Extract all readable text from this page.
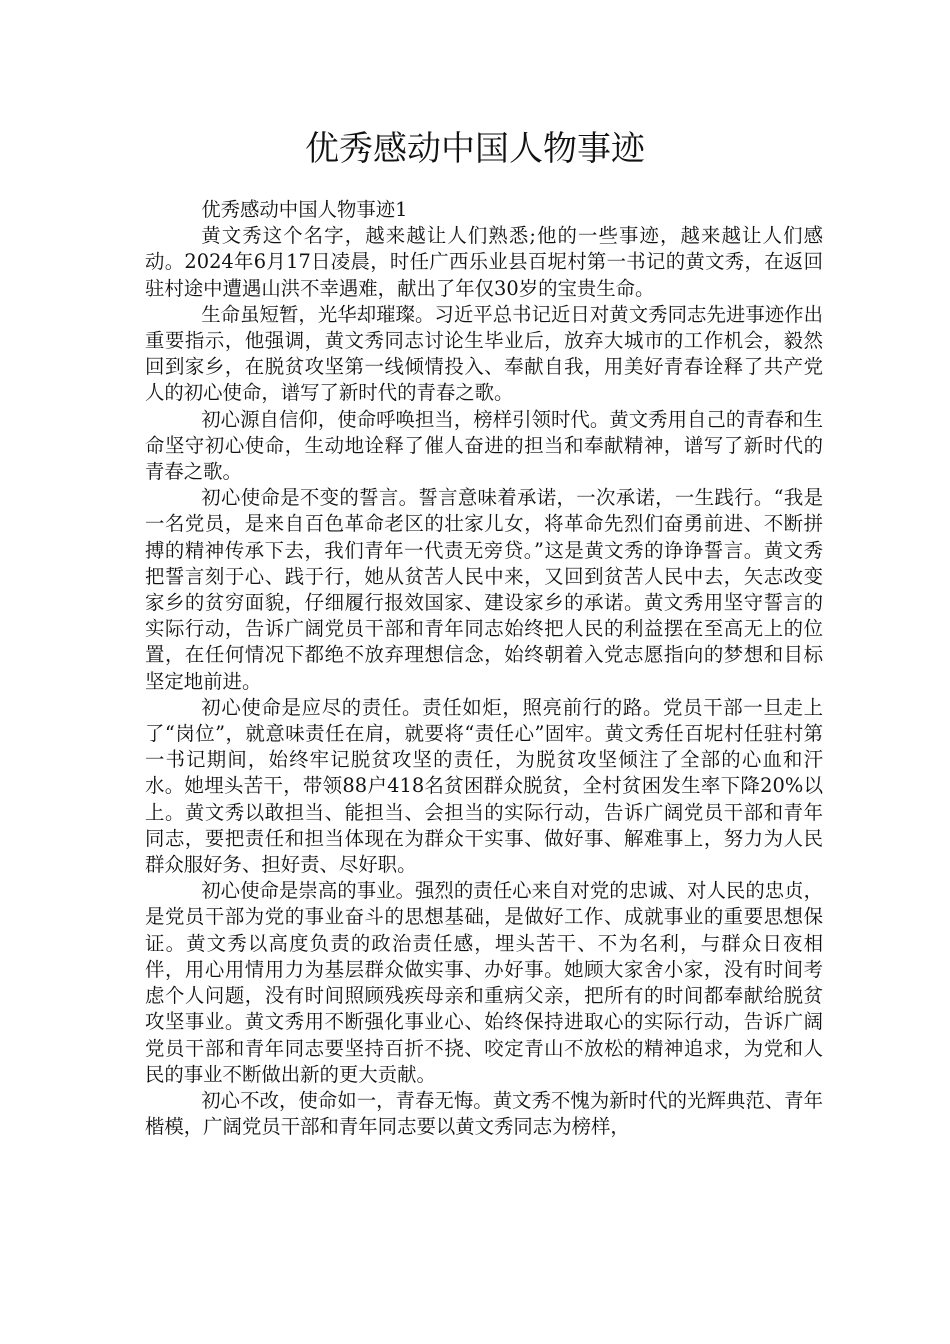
优秀感动中国人物事迹

优秀感动中国人物事迹1

黄文秀这个名字，越来越让人们熟悉;他的一些事迹，越来越让人们感动。2024年6月17日凌晨，时任广西乐业县百坭村第一书记的黄文秀，在返回驻村途中遭遇山洪不幸遇难，献出了年仅30岁的宝贵生命。

生命虽短暂，光华却璀璨。习近平总书记近日对黄文秀同志先进事迹作出重要指示，他强调，黄文秀同志讨论生毕业后，放弃大城市的工作机会，毅然回到家乡，在脱贫攻坚第一线倾情投入、奉献自我，用美好青春诠释了共产党人的初心使命，谱写了新时代的青春之歌。

初心源自信仰，使命呼唤担当，榜样引领时代。黄文秀用自己的青春和生命坚守初心使命，生动地诠释了催人奋进的担当和奉献精神，谱写了新时代的青春之歌。

初心使命是不变的誓言。誓言意味着承诺，一次承诺，一生践行。“我是一名党员，是来自百色革命老区的壮家儿女，将革命先烈们奋勇前进、不断拼搏的精神传承下去，我们青年一代责无旁贷。”这是黄文秀的诤诤誓言。黄文秀把誓言刻于心、践于行，她从贫苦人民中来，又回到贫苦人民中去，矢志改变家乡的贫穷面貌，仔细履行报效国家、建设家乡的承诺。黄文秀用坚守誓言的实际行动，告诉广阔党员干部和青年同志始终把人民的利益摆在至高无上的位置，在任何情况下都绝不放弃理想信念，始终朝着入党志愿指向的梦想和目标坚定地前进。

初心使命是应尽的责任。责任如炬，照亮前行的路。党员干部一旦走上了“岗位”，就意味责任在肩，就要将“责任心”固牢。黄文秀任百坭村任驻村第一书记期间，始终牢记脱贫攻坚的责任，为脱贫攻坚倾注了全部的心血和汗水。她埋头苦干，带领88户418名贫困群众脱贫，全村贫困发生率下降20%以上。黄文秀以敢担当、能担当、会担当的实际行动，告诉广阔党员干部和青年同志，要把责任和担当体现在为群众干实事、做好事、解难事上，努力为人民群众服好务、担好责、尽好职。

初心使命是崇高的事业。强烈的责任心来自对党的忠诚、对人民的忠贞，是党员干部为党的事业奋斗的思想基础，是做好工作、成就事业的重要思想保证。黄文秀以高度负责的政治责任感，埋头苦干、不为名利，与群众日夜相伴，用心用情用力为基层群众做实事、办好事。她顾大家舍小家，没有时间考虑个人问题，没有时间照顾残疾母亲和重病父亲，把所有的时间都奉献给脱贫攻坚事业。黄文秀用不断强化事业心、始终保持进取心的实际行动，告诉广阔党员干部和青年同志要坚持百折不挠、咬定青山不放松的精神追求，为党和人民的事业不断做出新的更大贡献。

初心不改，使命如一，青春无悔。黄文秀不愧为新时代的光辉典范、青年楷模，广阔党员干部和青年同志要以黄文秀同志为榜样，
